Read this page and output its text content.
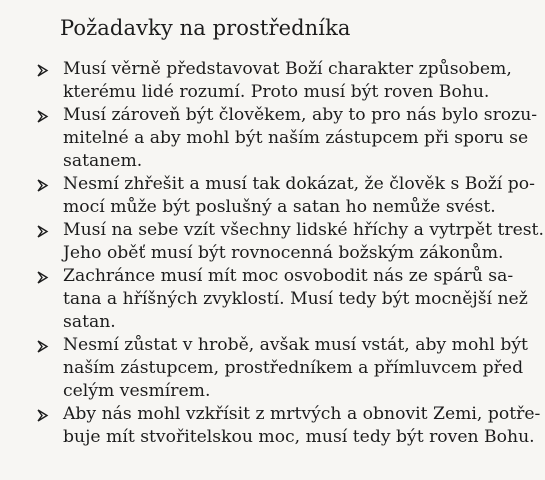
Požadavky na prostředníka
Musí věrně představovat Boží charakter způsobem,
kterému lidé rozumí. Proto musí být roven Bohu.
Musí zároveň být člověkem, aby to pro nás bylo srozu-
mitelné a aby mohl být naším zástupcem při sporu se
satanem.
Nesmí zhřešit a musí tak dokázat, že člověk s Boží po-
mocí může být poslušný a satan ho nemůže svést.
Musí na sebe vzít všechny lidské hříchy a vytrpět trest.
Jeho oběť musí být rovnocenná božským zákonům.
Zachránce musí mít moc osvobodit nás ze spárů sa-
tana a hříšných zvyklostí. Musí tedy být mocnější než
satan.
Nesmí zůstat v hrobě, avšak musí vstát, aby mohl být
naším zástupcem, prostředníkem a přímluvcem před
celým vesmírem.
Aby nás mohl vzkřísit z mrtvých a obnovit Zemi, potře-
buje mít stvořitelskou moc, musí tedy být roven Bohu.
